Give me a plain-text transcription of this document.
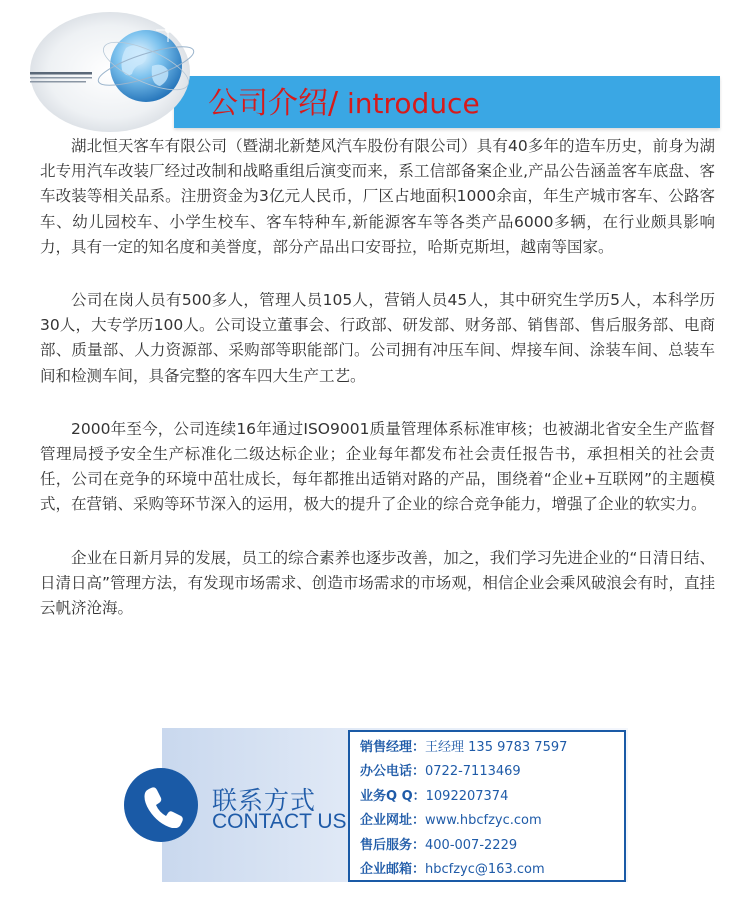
公司介绍/ introduce

湖北恒天客车有限公司（暨湖北新楚风汽车股份有限公司）具有40多年的造车历史，前身为湖北专用汽车改装厂经过改制和战略重组后演变而来，系工信部备案企业,产品公告涵盖客车底盘、客车改装等相关品系。注册资金为3亿元人民币，厂区占地面积1000余亩，年生产城市客车、公路客车、幼儿园校车、小学生校车、客车特种车,新能源客车等各类产品6000多辆，在行业颇具影响力，具有一定的知名度和美誉度，部分产品出口安哥拉，哈斯克斯坦，越南等国家。

公司在岗人员有500多人，管理人员105人，营销人员45人，其中研究生学历5人，本科学历30人，大专学历100人。公司设立董事会、行政部、研发部、财务部、销售部、售后服务部、电商部、质量部、人力资源部、采购部等职能部门。公司拥有冲压车间、焊接车间、涂装车间、总装车间和检测车间，具备完整的客车四大生产工艺。

2000年至今，公司连续16年通过ISO9001质量管理体系标准审核；也被湖北省安全生产监督管理局授予安全生产标准化二级达标企业；企业每年都发布社会责任报告书，承担相关的社会责任，公司在竞争的环境中茁壮成长，每年都推出适销对路的产品，围绕着“企业+互联网”的主题模式，在营销、采购等环节深入的运用，极大的提升了企业的综合竞争能力，增强了企业的软实力。

企业在日新月异的发展，员工的综合素养也逐步改善，加之，我们学习先进企业的“日清日结、日清日高”管理方法，有发现市场需求、创造市场需求的市场观，相信企业会乘风破浪会有时，直挂云帆济沧海。

联系方式
CONTACT US
销售经理：王经理 135 9783 7597
办公电话：0722-7113469
业务Q Q：1092207374
企业网址：www.hbcfzyc.com
售后服务：400-007-2229
企业邮箱：hbcfzyc@163.com
